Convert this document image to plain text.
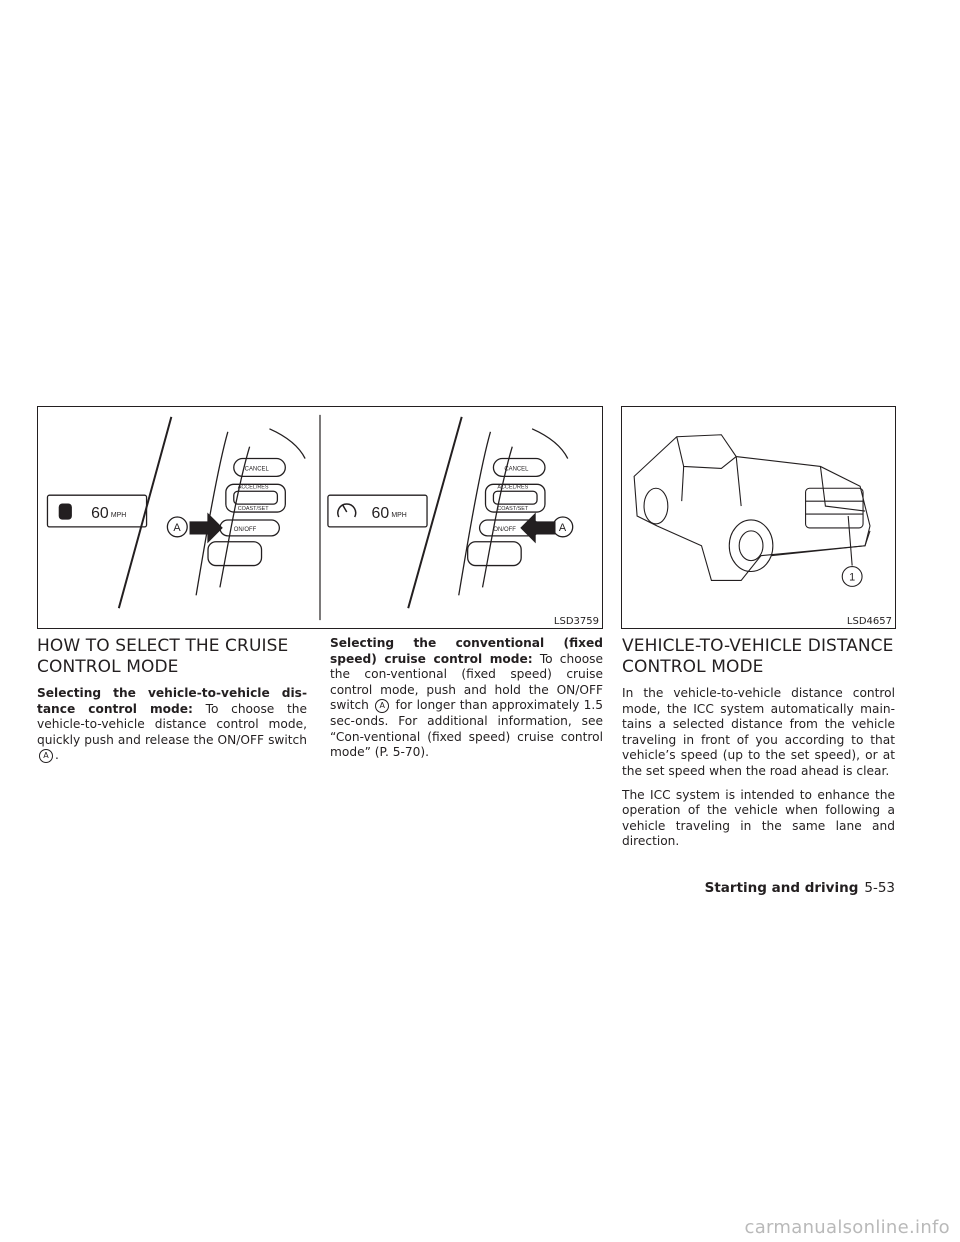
60 MPH
A
CANCEL
ACCEL/RES
COAST/SET
ON/OFF
60 MPH
A
CANCEL
ACCEL/RES
COAST/SET
ON/OFF
LSD3759
1
LSD4657
HOW TO SELECT THE CRUISE
CONTROL MODE

Selecting the vehicle-to-vehicle dis-tance control mode: To choose the vehicle-to-vehicle distance control mode, quickly push and release the ON/OFF switch A .

Selecting the conventional (fixed speed) cruise control mode: To choose the con-ventional (fixed speed) cruise control mode, push and hold the ON/OFF switch A for longer than approximately 1.5 sec-onds. For additional information, see “Con-ventional (fixed speed) cruise control mode” (P. 5-70).

VEHICLE-TO-VEHICLE DISTANCE
CONTROL MODE

In the vehicle-to-vehicle distance control mode, the ICC system automatically main-tains a selected distance from the vehicle traveling in front of you according to that vehicle’s speed (up to the set speed), or at the set speed when the road ahead is clear.

The ICC system is intended to enhance the operation of the vehicle when following a vehicle traveling in the same lane and direction.

Starting and driving 5-53
carmanualsonline.info
